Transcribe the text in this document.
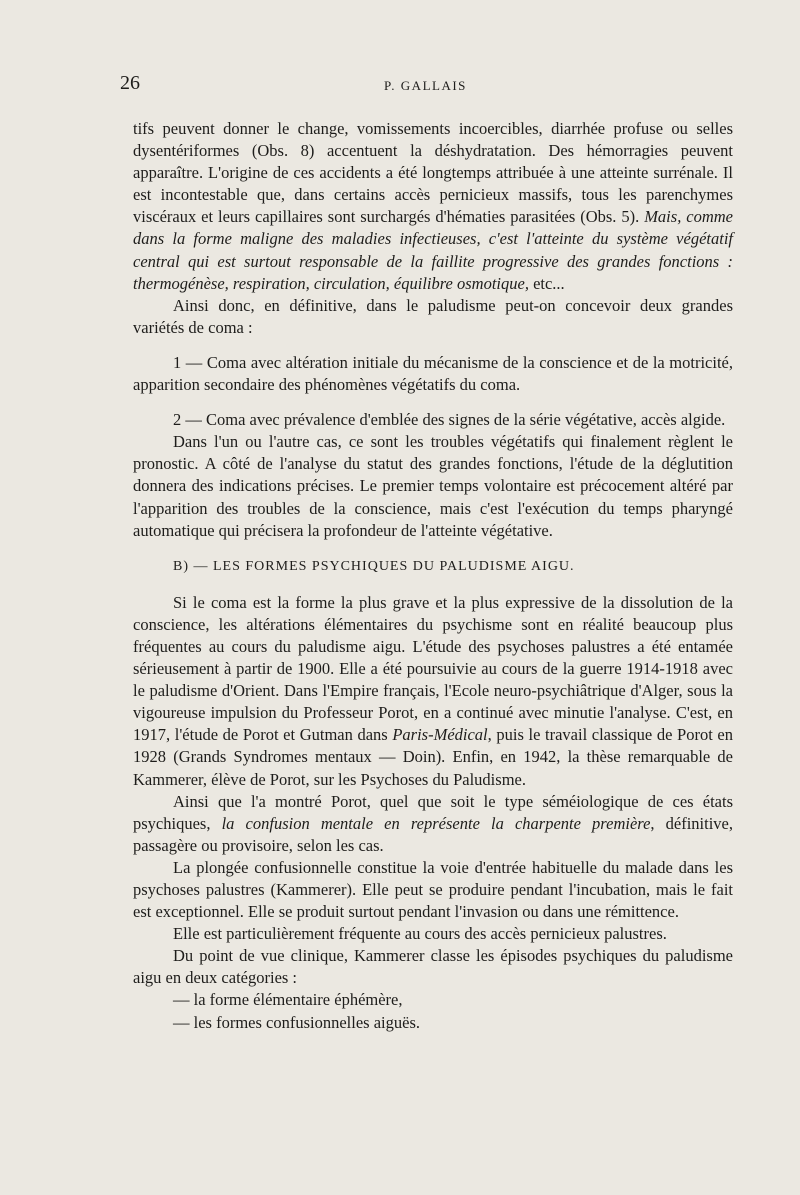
26	P. GALLAIS

tifs peuvent donner le change, vomissements incoercibles, diarrhée profuse ou selles dysentériformes (Obs. 8) accentuent la déshydratation. Des hémorragies peuvent apparaître. L'origine de ces accidents a été longtemps attribuée à une atteinte surrénale. Il est incontestable que, dans certains accès pernicieux massifs, tous les parenchymes viscéraux et leurs capillaires sont surchargés d'hématies parasitées (Obs. 5). Mais, comme dans la forme maligne des maladies infectieuses, c'est l'atteinte du système végétatif central qui est surtout responsable de la faillite progressive des grandes fonctions : thermogénèse, respiration, circulation, équilibre osmotique, etc...

Ainsi donc, en définitive, dans le paludisme peut-on concevoir deux grandes variétés de coma :

1 — Coma avec altération initiale du mécanisme de la conscience et de la motricité, apparition secondaire des phénomènes végétatifs du coma.

2 — Coma avec prévalence d'emblée des signes de la série végétative, accès algide.

Dans l'un ou l'autre cas, ce sont les troubles végétatifs qui finalement règlent le pronostic. A côté de l'analyse du statut des grandes fonctions, l'étude de la déglutition donnera des indications précises. Le premier temps volontaire est précocement altéré par l'apparition des troubles de la conscience, mais c'est l'exécution du temps pharyngé automatique qui précisera la profondeur de l'atteinte végétative.

B) — LES FORMES PSYCHIQUES DU PALUDISME AIGU.

Si le coma est la forme la plus grave et la plus expressive de la dissolution de la conscience, les altérations élémentaires du psychisme sont en réalité beaucoup plus fréquentes au cours du paludisme aigu. L'étude des psychoses palustres a été entamée sérieusement à partir de 1900. Elle a été poursuivie au cours de la guerre 1914-1918 avec le paludisme d'Orient. Dans l'Empire français, l'Ecole neuro-psychiâtrique d'Alger, sous la vigoureuse impulsion du Professeur Porot, en a continué avec minutie l'analyse. C'est, en 1917, l'étude de Porot et Gutman dans Paris-Médical, puis le travail classique de Porot en 1928 (Grands Syndromes mentaux — Doin). Enfin, en 1942, la thèse remarquable de Kammerer, élève de Porot, sur les Psychoses du Paludisme.

Ainsi que l'a montré Porot, quel que soit le type séméiologique de ces états psychiques, la confusion mentale en représente la charpente première, définitive, passagère ou provisoire, selon les cas.

La plongée confusionnelle constitue la voie d'entrée habituelle du malade dans les psychoses palustres (Kammerer). Elle peut se produire pendant l'incubation, mais le fait est exceptionnel. Elle se produit surtout pendant l'invasion ou dans une rémittence.

Elle est particulièrement fréquente au cours des accès pernicieux palustres.

Du point de vue clinique, Kammerer classe les épisodes psychiques du paludisme aigu en deux catégories :

— la forme élémentaire éphémère,

— les formes confusionnelles aiguës.
